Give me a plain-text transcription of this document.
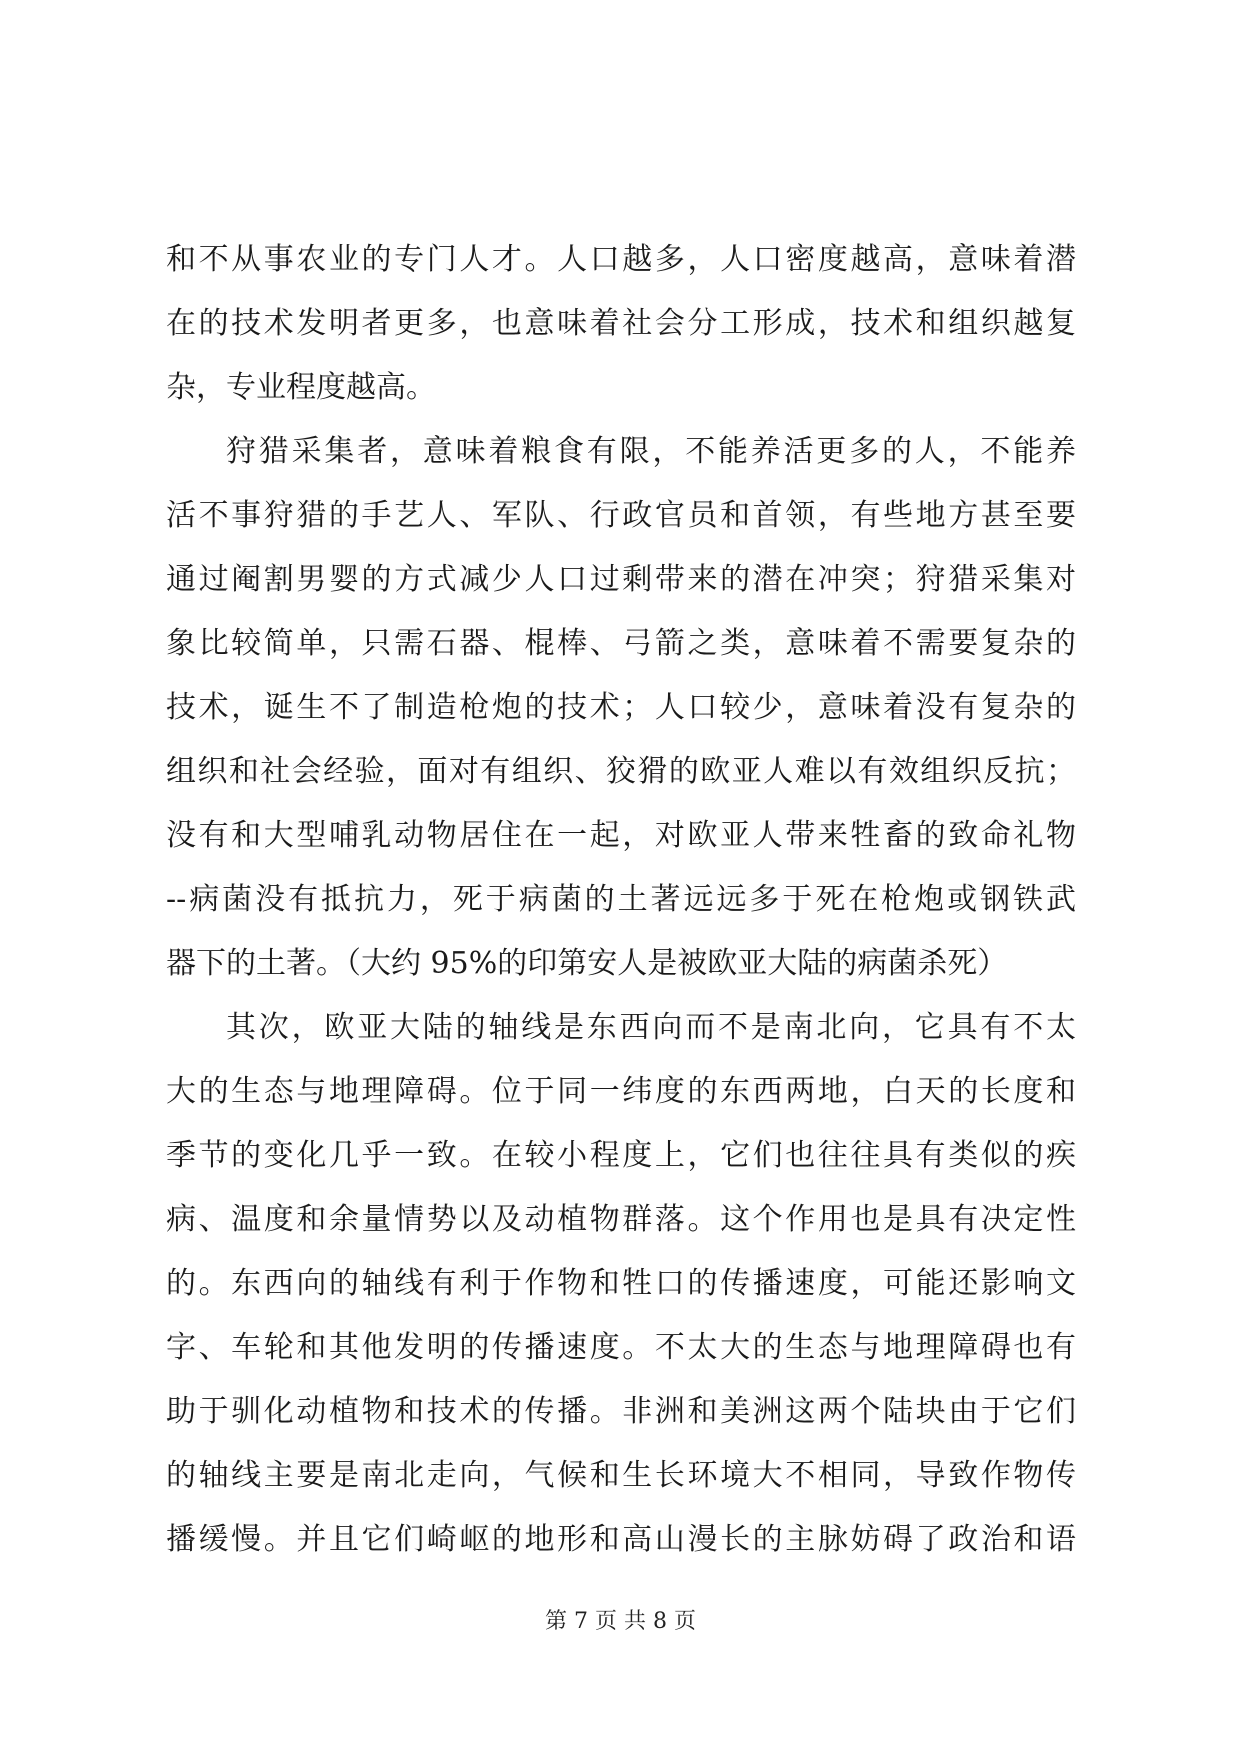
和不从事农业的专门人才。人口越多，人口密度越高，意味着潜
在的技术发明者更多，也意味着社会分工形成，技术和组织越复
杂，专业程度越高。
狩猎采集者，意味着粮食有限，不能养活更多的人，不能养
活不事狩猎的手艺人、军队、行政官员和首领，有些地方甚至要
通过阉割男婴的方式减少人口过剩带来的潜在冲突；狩猎采集对
象比较简单，只需石器、棍棒、弓箭之类，意味着不需要复杂的
技术，诞生不了制造枪炮的技术；人口较少，意味着没有复杂的
组织和社会经验，面对有组织、狡猾的欧亚人难以有效组织反抗；
没有和大型哺乳动物居住在一起，对欧亚人带来牲畜的致命礼物
--病菌没有抵抗力，死于病菌的土著远远多于死在枪炮或钢铁武
器下的土著。（大约 95%的印第安人是被欧亚大陆的病菌杀死）
其次，欧亚大陆的轴线是东西向而不是南北向，它具有不太
大的生态与地理障碍。位于同一纬度的东西两地，白天的长度和
季节的变化几乎一致。在较小程度上，它们也往往具有类似的疾
病、温度和余量情势以及动植物群落。这个作用也是具有决定性
的。东西向的轴线有利于作物和牲口的传播速度，可能还影响文
字、车轮和其他发明的传播速度。不太大的生态与地理障碍也有
助于驯化动植物和技术的传播。非洲和美洲这两个陆块由于它们
的轴线主要是南北走向，气候和生长环境大不相同，导致作物传
播缓慢。并且它们崎岖的地形和高山漫长的主脉妨碍了政治和语
第 7 页 共 8 页
